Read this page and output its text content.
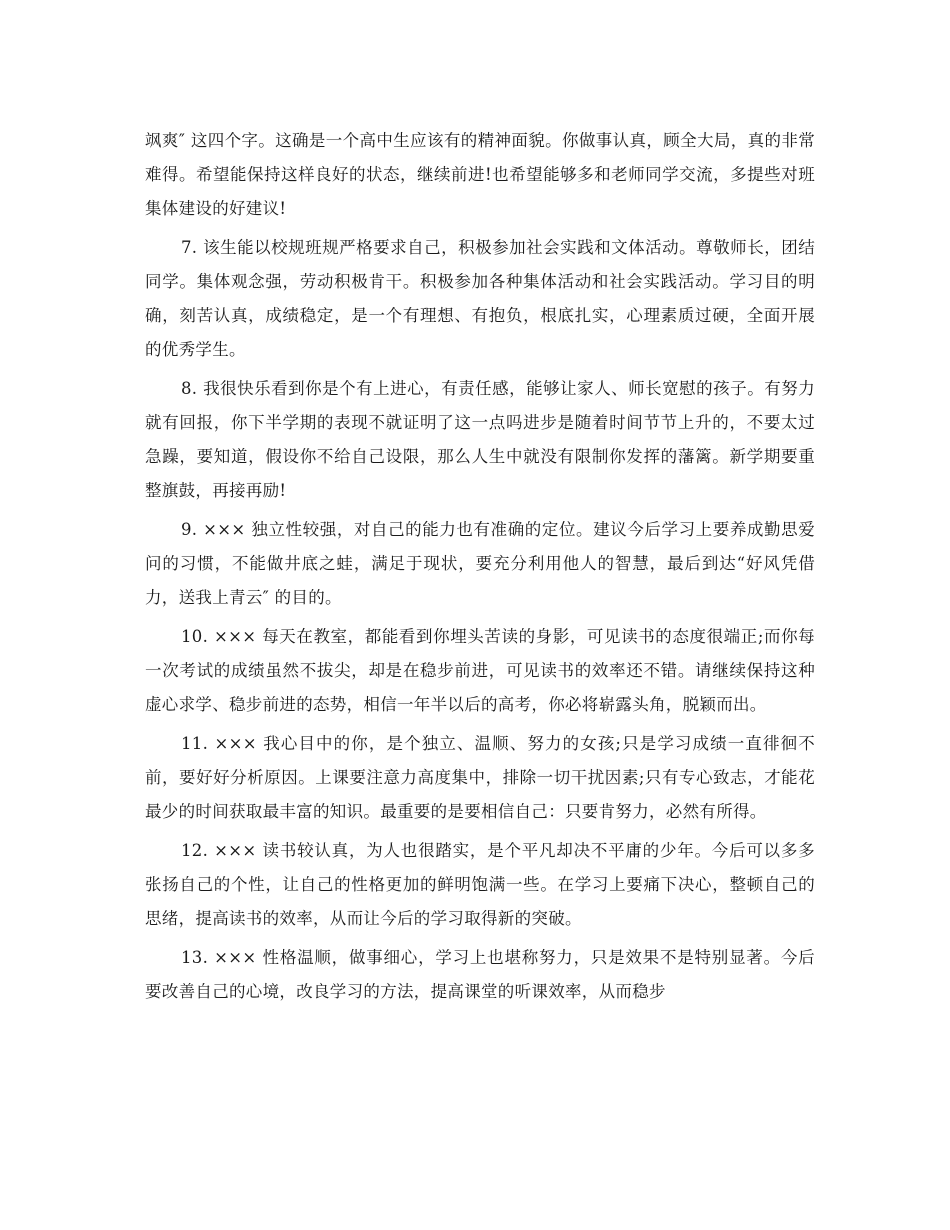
飒爽″ 这四个字。这确是一个高中生应该有的精神面貌。你做事认真，顾全大局，真的非常难得。希望能保持这样良好的状态，继续前进!也希望能够多和老师同学交流，多提些对班集体建设的好建议!

7. 该生能以校规班规严格要求自己，积极参加社会实践和文体活动。尊敬师长，团结同学。集体观念强，劳动积极肯干。积极参加各种集体活动和社会实践活动。学习目的明确，刻苦认真，成绩稳定，是一个有理想、有抱负，根底扎实，心理素质过硬，全面开展的优秀学生。

8. 我很快乐看到你是个有上进心，有责任感，能够让家人、师长宽慰的孩子。有努力就有回报，你下半学期的表现不就证明了这一点吗进步是随着时间节节上升的，不要太过急躁，要知道，假设你不给自己设限，那么人生中就没有限制你发挥的藩篱。新学期要重整旗鼓，再接再励!

9. ××× 独立性较强，对自己的能力也有准确的定位。建议今后学习上要养成勤思爱问的习惯，不能做井底之蛙，满足于现状，要充分利用他人的智慧，最后到达“好风凭借力，送我上青云″ 的目的。

10. ××× 每天在教室，都能看到你埋头苦读的身影，可见读书的态度很端正;而你每一次考试的成绩虽然不拔尖，却是在稳步前进，可见读书的效率还不错。请继续保持这种虚心求学、稳步前进的态势，相信一年半以后的高考，你必将崭露头角，脱颖而出。

11. ××× 我心目中的你，是个独立、温顺、努力的女孩;只是学习成绩一直徘徊不前，要好好分析原因。上课要注意力高度集中，排除一切干扰因素;只有专心致志，才能花最少的时间获取最丰富的知识。最重要的是要相信自己：只要肯努力，必然有所得。

12. ××× 读书较认真，为人也很踏实，是个平凡却决不平庸的少年。今后可以多多张扬自己的个性，让自己的性格更加的鲜明饱满一些。在学习上要痛下决心，整顿自己的思绪，提高读书的效率，从而让今后的学习取得新的突破。

13. ××× 性格温顺，做事细心，学习上也堪称努力，只是效果不是特别显著。今后要改善自己的心境，改良学习的方法，提高课堂的听课效率，从而稳步
